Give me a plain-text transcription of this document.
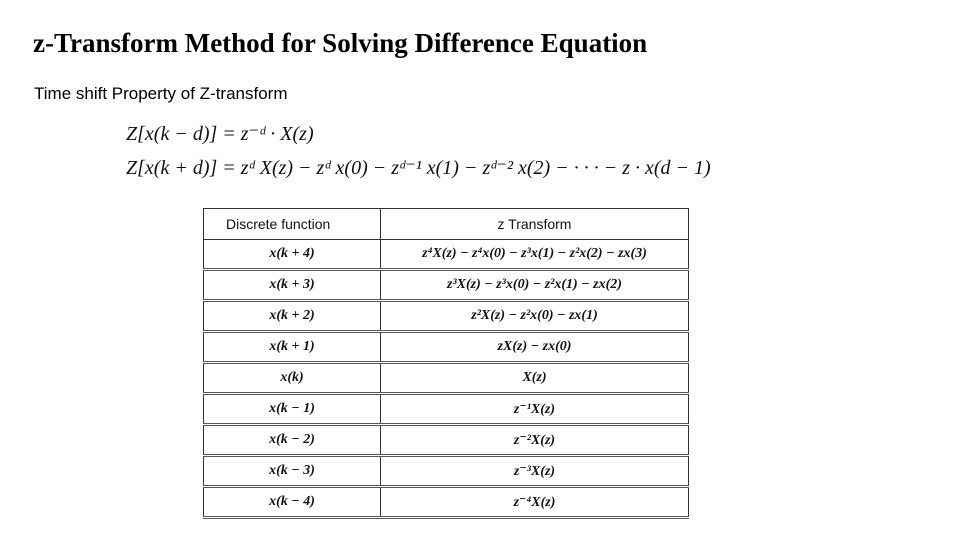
z-Transform Method for Solving Difference Equation
Time shift Property of Z-transform
Z[x(k − d)] = z⁻ᵈ · X(z)
Z[x(k + d)] = zᵈ X(z) − zᵈ x(0) − zᵈ⁻¹ x(1) − zᵈ⁻² x(2) − · · · − z · x(d − 1)
Discrete function	z Transform
x(k + 4)	z⁴X(z) − z⁴x(0) − z³x(1) − z²x(2) − zx(3)
x(k + 3)	z³X(z) − z³x(0) − z²x(1) − zx(2)
x(k + 2)	z²X(z) − z²x(0) − zx(1)
x(k + 1)	zX(z) − zx(0)
x(k)	X(z)
x(k − 1)	z⁻¹X(z)
x(k − 2)	z⁻²X(z)
x(k − 3)	z⁻³X(z)
x(k − 4)	z⁻⁴X(z)
